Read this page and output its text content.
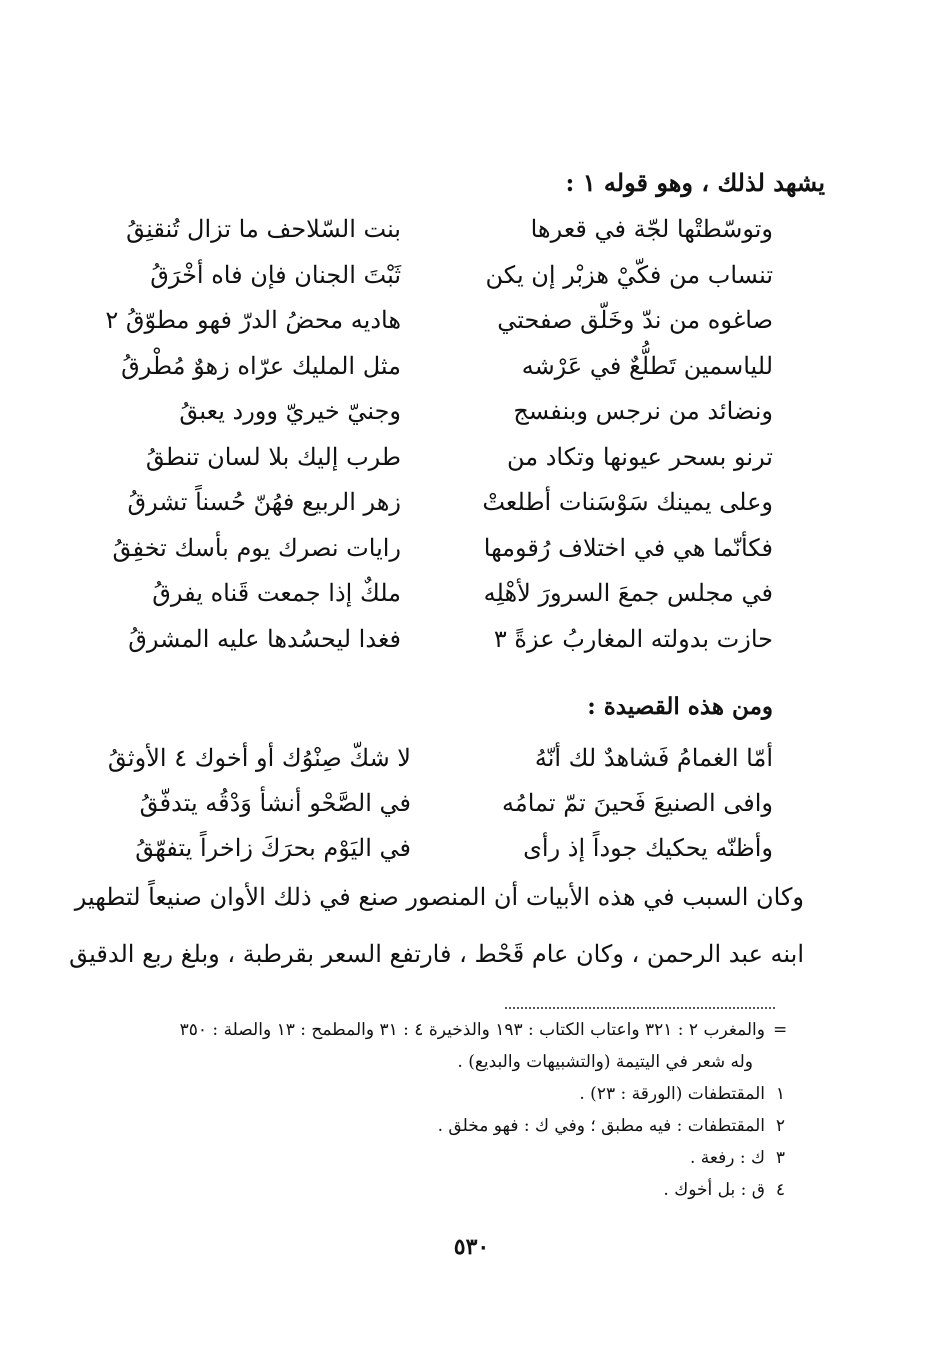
يشهد لذلك ، وهو قوله ١ :
وتوسّطتْها لجّة في قعرها
بنت السّلاحف ما تزال تُنقنِقُ
تنساب من فكّيْ هزبْر إن يكن
ثَبْتَ الجنان فإن فاه أخْرَقُ
صاغوه من ندّ وخَلّق صفحتي
هاديه محضُ الدرّ فهو مطوّقُ ٢
للياسمين تَطلُّعٌ في عَرْشه
مثل المليك عرّاه زهوٌ مُطْرقُ
ونضائد من نرجس وبنفسج
وجنيّ خيريّ وورد يعبقُ
ترنو بسحر عيونها وتكاد من
طرب إليك بلا لسان تنطقُ
وعلى يمينك سَوْسَنات أطلعتْ
زهر الربيع فهُنّ حُسناً تشرقُ
فكأنّما هي في اختلاف رُقومها
رايات نصرك يوم بأسك تخفِقُ
في مجلس جمعَ السرورَ لأهْلِه
ملكٌ إذا جمعت قَناه يفرقُ
حازت بدولته المغاربُ عزةً ٣
فغدا ليحسُدها عليه المشرقُ
ومن هذه القصيدة :
أمّا الغمامُ فَشاهدٌ لك أنّهُ
لا شكّ صِنْوُك أو أخوك ٤ الأوثقُ
وافى الصنيعَ فَحينَ تمّ تمامُه
في الصَّحْو أنشأ وَدْقُه يتدفّقُ
وأظنّه يحكيك جوداً إذ رأى
في اليَوْم بحرَكَ زاخراً يتفهّقُ
وكان السبب في هذه الأبيات أن المنصور صنع في ذلك الأوان صنيعاً لتطهير
ابنه عبد الرحمن ، وكان عام قَحْط ، فارتفع السعر بقرطبة ، وبلغ ربع الدقيق
=
والمغرب ٢ : ٣٢١ واعتاب الكتاب : ١٩٣ والذخيرة ٤ : ٣١ والمطمح : ١٣ والصلة : ٣٥٠
وله شعر في اليتيمة (والتشبيهات والبديع) .
١
المقتطفات (الورقة : ٢٣) .
٢
المقتطفات : فيه مطبق ؛ وفي ك : فهو مخلق .
٣
ك : رفعة .
٤
ق : بل أخوك .
٥٣٠
